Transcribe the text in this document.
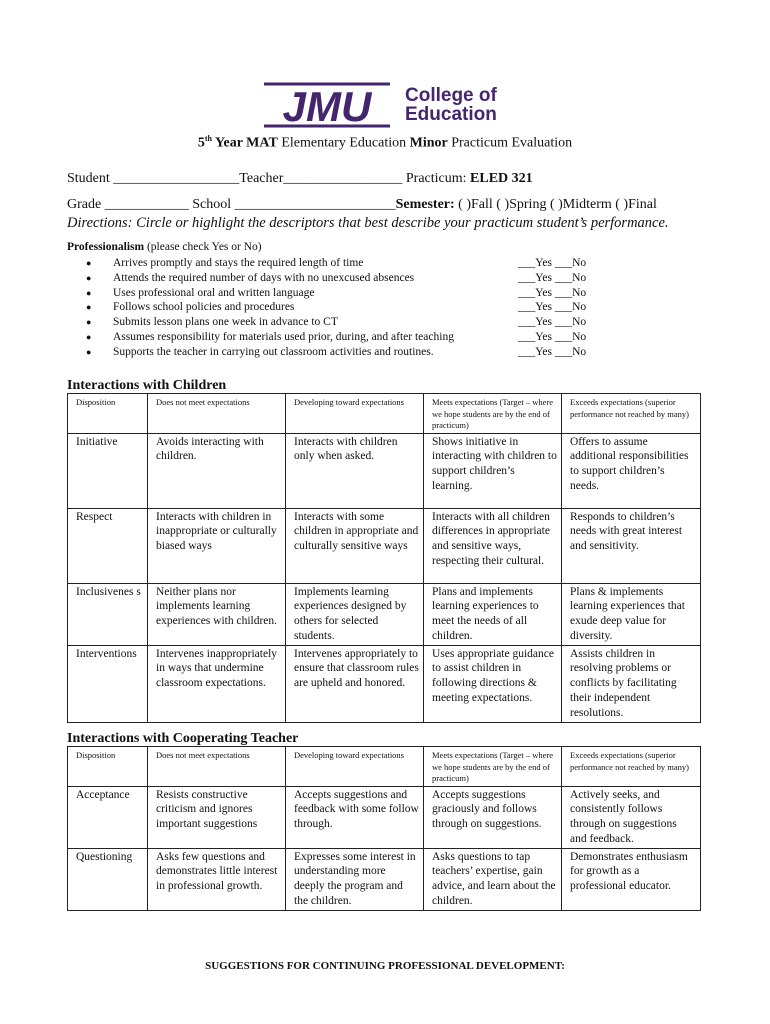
JMU College of
Education
5th Year MAT Elementary Education Minor Practicum Evaluation
Student __________________Teacher_________________ Practicum: ELED 321
Grade ____________ School _______________________Semester: ( )Fall ( )Spring ( )Midterm ( )Final
Directions: Circle or highlight the descriptors that best describe your practicum student’s performance.
Professionalism (please check Yes or No)
● Arrives promptly and stays the required length of time	___Yes ___No
● Attends the required number of days with no unexcused absences	___Yes ___No
● Uses professional oral and written language	___Yes ___No
● Follows school policies and procedures	___Yes ___No
● Submits lesson plans one week in advance to CT	___Yes ___No
● Assumes responsibility for materials used prior, during, and after teaching	___Yes ___No
● Supports the teacher in carrying out classroom activities and routines.	___Yes ___No
Interactions with Children
Disposition	Does not meet expectations	Developing toward expectations	Meets expectations (Target – where we hope students are by the end of practicum)	Exceeds expectations (superior performance not reached by many)
Initiative	Avoids interacting with children.	Interacts with children only when asked.	Shows initiative in interacting with children to support children’s learning.	Offers to assume additional responsibilities to support children’s needs.
Respect	Interacts with children in inappropriate or culturally biased ways	Interacts with some children in appropriate and culturally sensitive ways	Interacts with all children differences in appropriate and sensitive ways, respecting their cultural.	Responds to children’s needs with great interest and sensitivity.
Inclusivenes s	Neither plans nor implements learning experiences with children.	Implements learning experiences designed by others for selected students.	Plans and implements learning experiences to meet the needs of all children.	Plans & implements learning experiences that exude deep value for diversity.
Interventions	Intervenes inappropriately in ways that undermine classroom expectations.	Intervenes appropriately to ensure that classroom rules are upheld and honored.	Uses appropriate guidance to assist children in following directions & meeting expectations.	Assists children in resolving problems or conflicts by facilitating their independent resolutions.
Interactions with Cooperating Teacher
Disposition	Does not meet expectations	Developing toward expectations	Meets expectations (Target – where we hope students are by the end of practicum)	Exceeds expectations (superior performance not reached by many)
Acceptance	Resists constructive criticism and ignores important suggestions	Accepts suggestions and feedback with some follow through.	Accepts suggestions graciously and follows through on suggestions.	Actively seeks, and consistently follows through on suggestions and feedback.
Questioning	Asks few questions and demonstrates little interest in professional growth.	Expresses some interest in understanding more deeply the program and the children.	Asks questions to tap teachers’ expertise, gain advice, and learn about the children.	Demonstrates enthusiasm for growth as a professional educator.
SUGGESTIONS FOR CONTINUING PROFESSIONAL DEVELOPMENT:
